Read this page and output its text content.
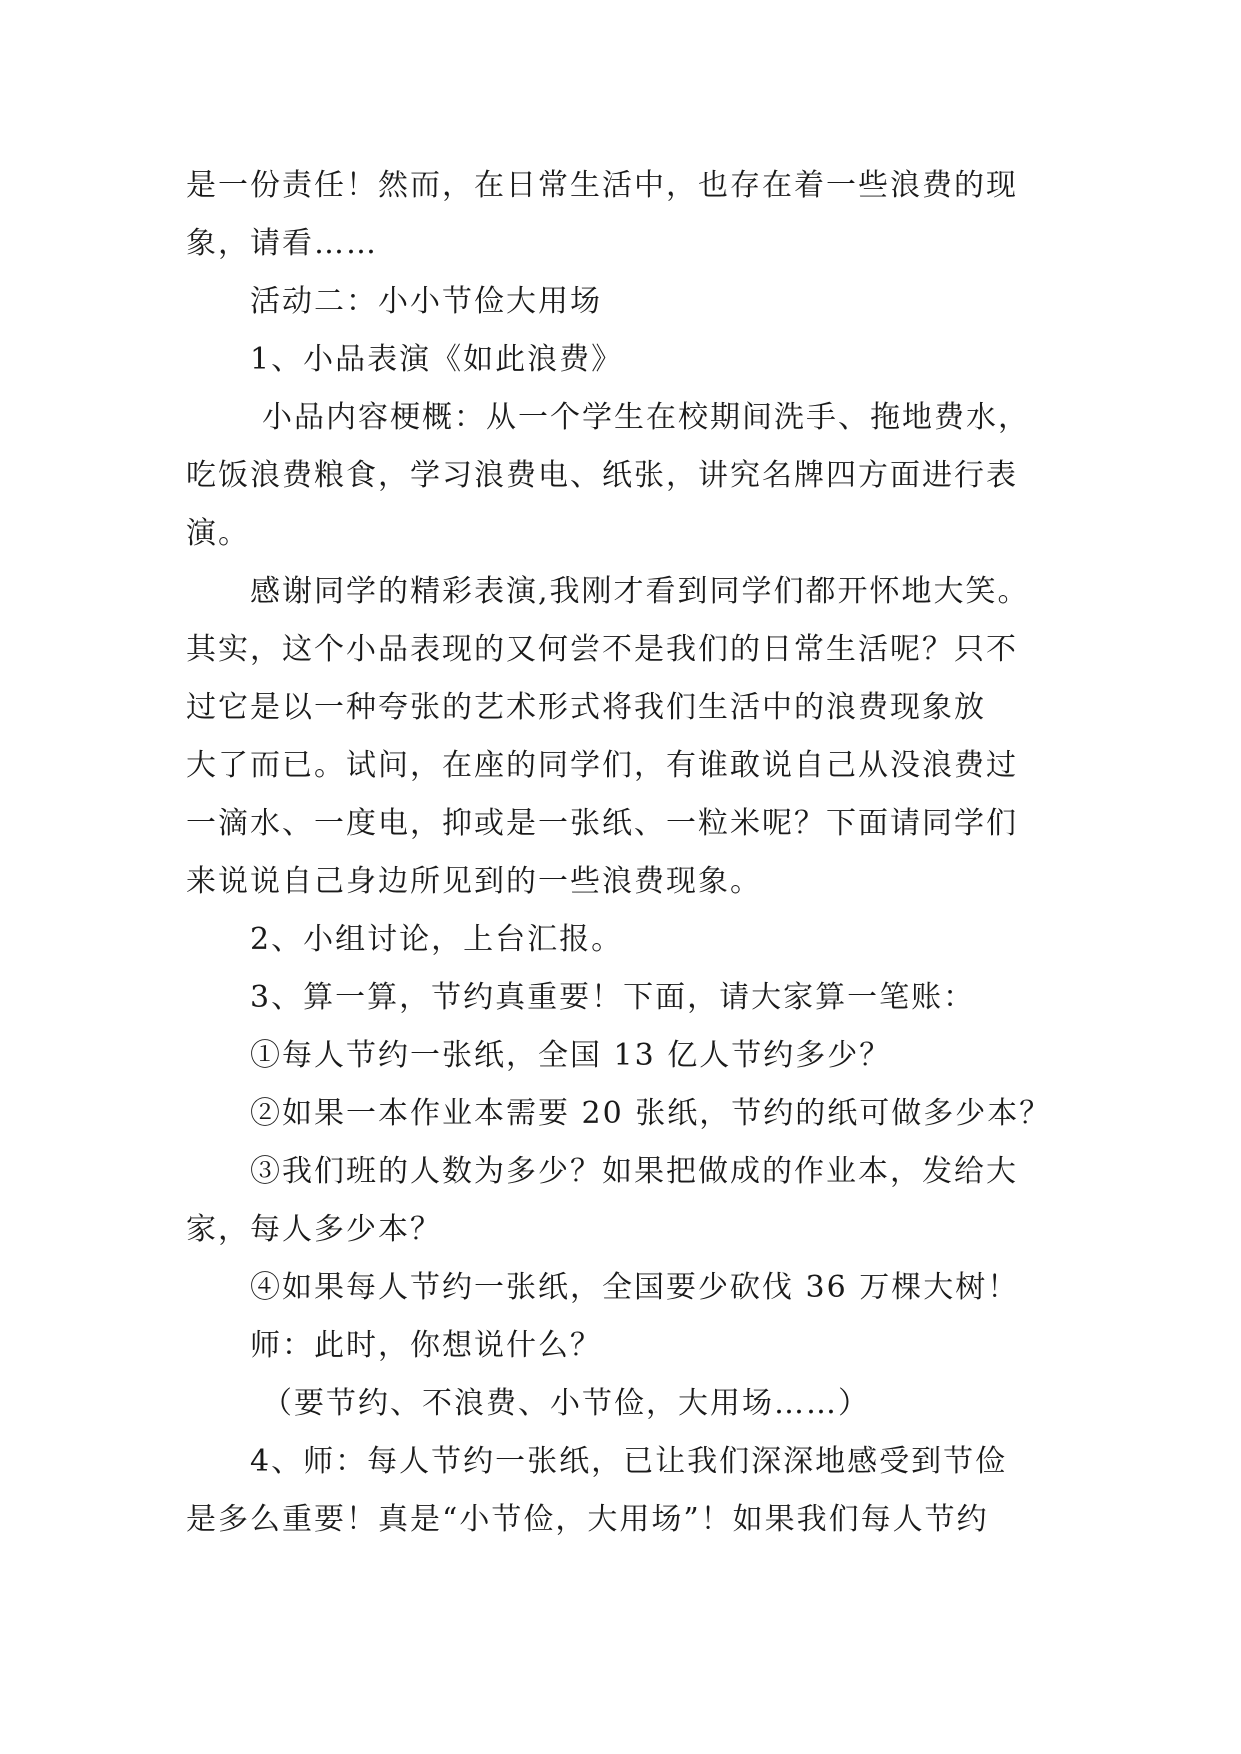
是一份责任！然而，在日常生活中，也存在着一些浪费的现
象，请看……
活动二：小小节俭大用场
1、小品表演《如此浪费》
小品内容梗概：从一个学生在校期间洗手、拖地费水，
吃饭浪费粮食，学习浪费电、纸张，讲究名牌四方面进行表
演。
感谢同学的精彩表演,我刚才看到同学们都开怀地大笑。
其实，这个小品表现的又何尝不是我们的日常生活呢？只不
过它是以一种夸张的艺术形式将我们生活中的浪费现象放
大了而已。试问，在座的同学们，有谁敢说自己从没浪费过
一滴水、一度电，抑或是一张纸、一粒米呢？下面请同学们
来说说自己身边所见到的一些浪费现象。
2、小组讨论，上台汇报。
3、算一算，节约真重要！下面，请大家算一笔账：
①每人节约一张纸，全国 13 亿人节约多少？
②如果一本作业本需要 20 张纸，节约的纸可做多少本？
③我们班的人数为多少？如果把做成的作业本，发给大
家，每人多少本？
④如果每人节约一张纸，全国要少砍伐 36 万棵大树！
师：此时，你想说什么？
（要节约、不浪费、小节俭，大用场……）
4、师：每人节约一张纸，已让我们深深地感受到节俭
是多么重要！真是“小节俭，大用场”！如果我们每人节约
